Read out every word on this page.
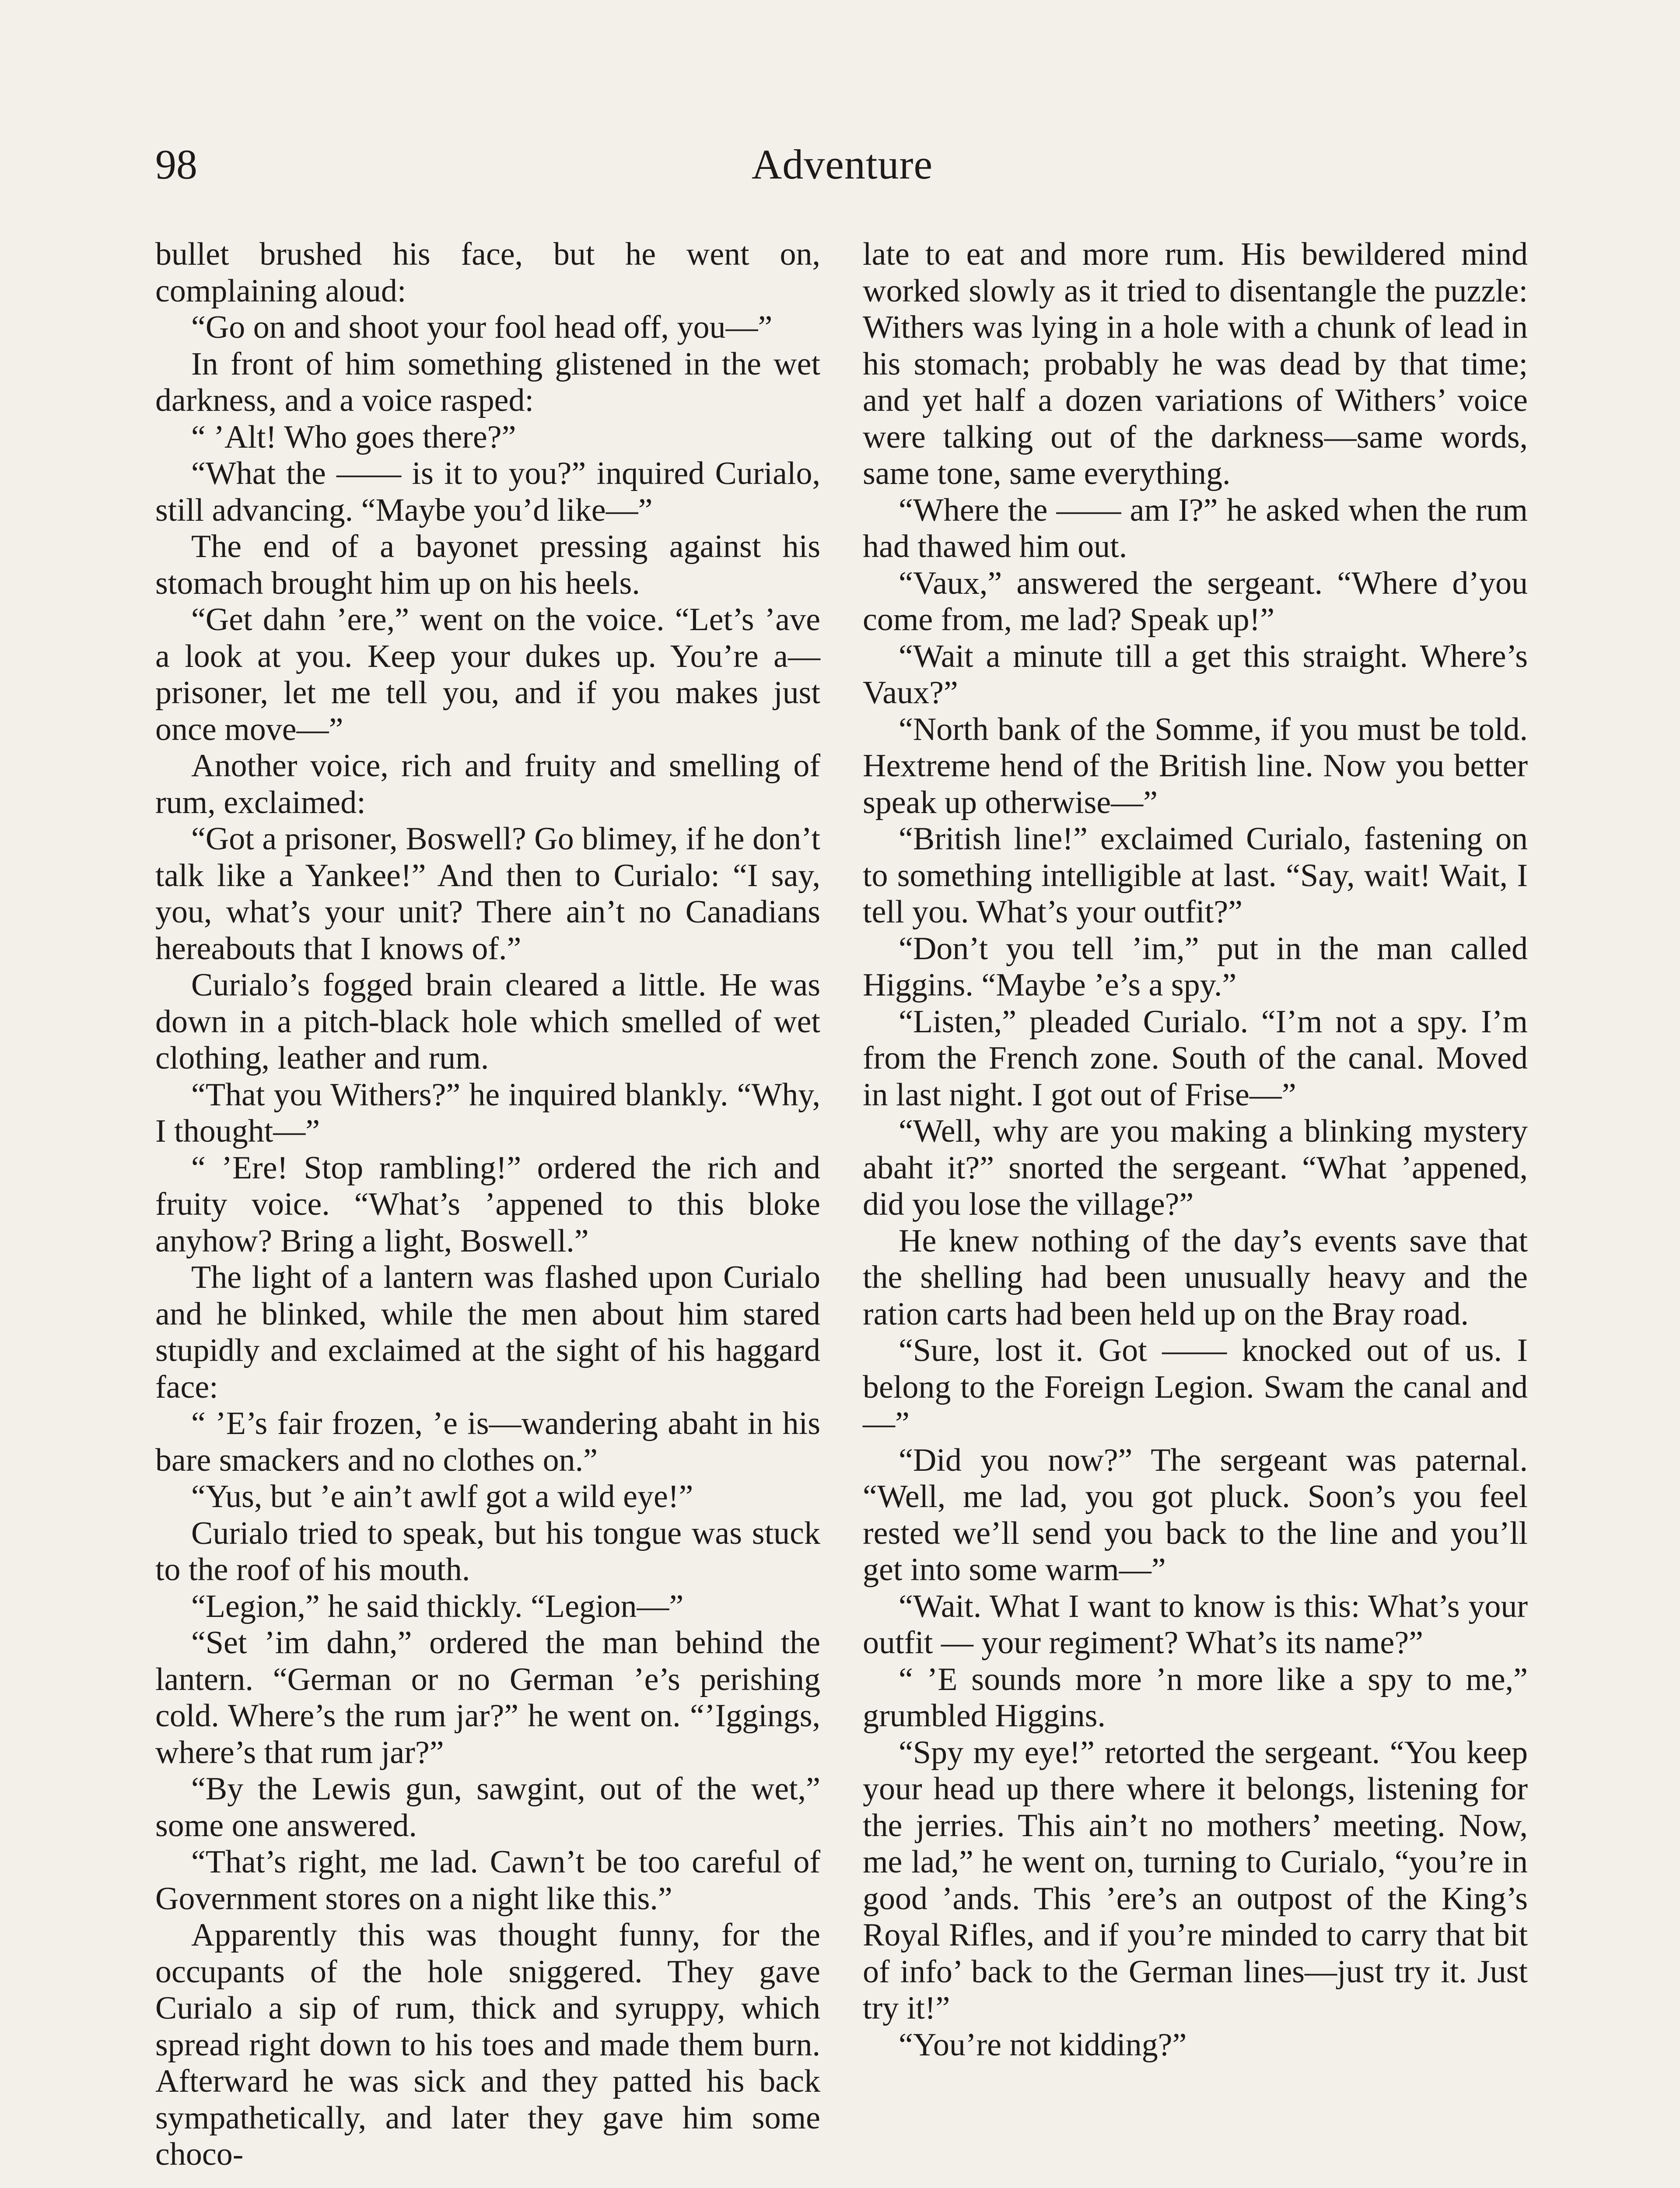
98	Adventure

bullet brushed his face, but he went on, complaining aloud:

“Go on and shoot your fool head off, you—”

In front of him something glistened in the wet darkness, and a voice rasped:

“ ’Alt! Who goes there?”

“What the —— is it to you?” inquired Curialo, still advancing. “Maybe you’d like—”

The end of a bayonet pressing against his stomach brought him up on his heels.

“Get dahn ’ere,” went on the voice. “Let’s ’ave a look at you. Keep your dukes up. You’re a—prisoner, let me tell you, and if you makes just once move—”

Another voice, rich and fruity and smelling of rum, exclaimed:

“Got a prisoner, Boswell? Go blimey, if he don’t talk like a Yankee!” And then to Curialo: “I say, you, what’s your unit? There ain’t no Canadians hereabouts that I knows of.”

Curialo’s fogged brain cleared a little. He was down in a pitch-black hole which smelled of wet clothing, leather and rum.

“That you Withers?” he inquired blankly. “Why, I thought—”

“ ’Ere! Stop rambling!” ordered the rich and fruity voice. “What’s ’appened to this bloke anyhow? Bring a light, Boswell.”

The light of a lantern was flashed upon Curialo and he blinked, while the men about him stared stupidly and exclaimed at the sight of his haggard face:

“ ’E’s fair frozen, ’e is—wandering abaht in his bare smackers and no clothes on.”

“Yus, but ’e ain’t awlf got a wild eye!”

Curialo tried to speak, but his tongue was stuck to the roof of his mouth.

“Legion,” he said thickly. “Legion—”

“Set ’im dahn,” ordered the man behind the lantern. “German or no German ’e’s perishing cold. Where’s the rum jar?” he went on. “’Iggings, where’s that rum jar?”

“By the Lewis gun, sawgint, out of the wet,” some one answered.

“That’s right, me lad. Cawn’t be too careful of Government stores on a night like this.”

Apparently this was thought funny, for the occupants of the hole sniggered. They gave Curialo a sip of rum, thick and syruppy, which spread right down to his toes and made them burn. Afterward he was sick and they patted his back sympathetically, and later they gave him some choco-

late to eat and more rum. His bewildered mind worked slowly as it tried to disentangle the puzzle: Withers was lying in a hole with a chunk of lead in his stomach; probably he was dead by that time; and yet half a dozen variations of Withers’ voice were talking out of the darkness—same words, same tone, same everything.

“Where the —— am I?” he asked when the rum had thawed him out.

“Vaux,” answered the sergeant. “Where d’you come from, me lad? Speak up!”

“Wait a minute till a get this straight. Where’s Vaux?”

“North bank of the Somme, if you must be told. Hextreme hend of the British line. Now you better speak up otherwise—”

“British line!” exclaimed Curialo, fastening on to something intelligible at last. “Say, wait! Wait, I tell you. What’s your outfit?”

“Don’t you tell ’im,” put in the man called Higgins. “Maybe ’e’s a spy.”

“Listen,” pleaded Curialo. “I’m not a spy. I’m from the French zone. South of the canal. Moved in last night. I got out of Frise—”

“Well, why are you making a blinking mystery abaht it?” snorted the sergeant. “What ’appened, did you lose the village?”

He knew nothing of the day’s events save that the shelling had been unusually heavy and the ration carts had been held up on the Bray road.

“Sure, lost it. Got —— knocked out of us. I belong to the Foreign Legion. Swam the canal and—”

“Did you now?” The sergeant was paternal. “Well, me lad, you got pluck. Soon’s you feel rested we’ll send you back to the line and you’ll get into some warm—”

“Wait. What I want to know is this: What’s your outfit — your regiment? What’s its name?”

“ ’E sounds more ’n more like a spy to me,” grumbled Higgins.

“Spy my eye!” retorted the sergeant. “You keep your head up there where it belongs, listening for the jerries. This ain’t no mothers’ meeting. Now, me lad,” he went on, turning to Curialo, “you’re in good ’ands. This ’ere’s an outpost of the King’s Royal Rifles, and if you’re minded to carry that bit of info’ back to the German lines—just try it. Just try it!”

“You’re not kidding?”
